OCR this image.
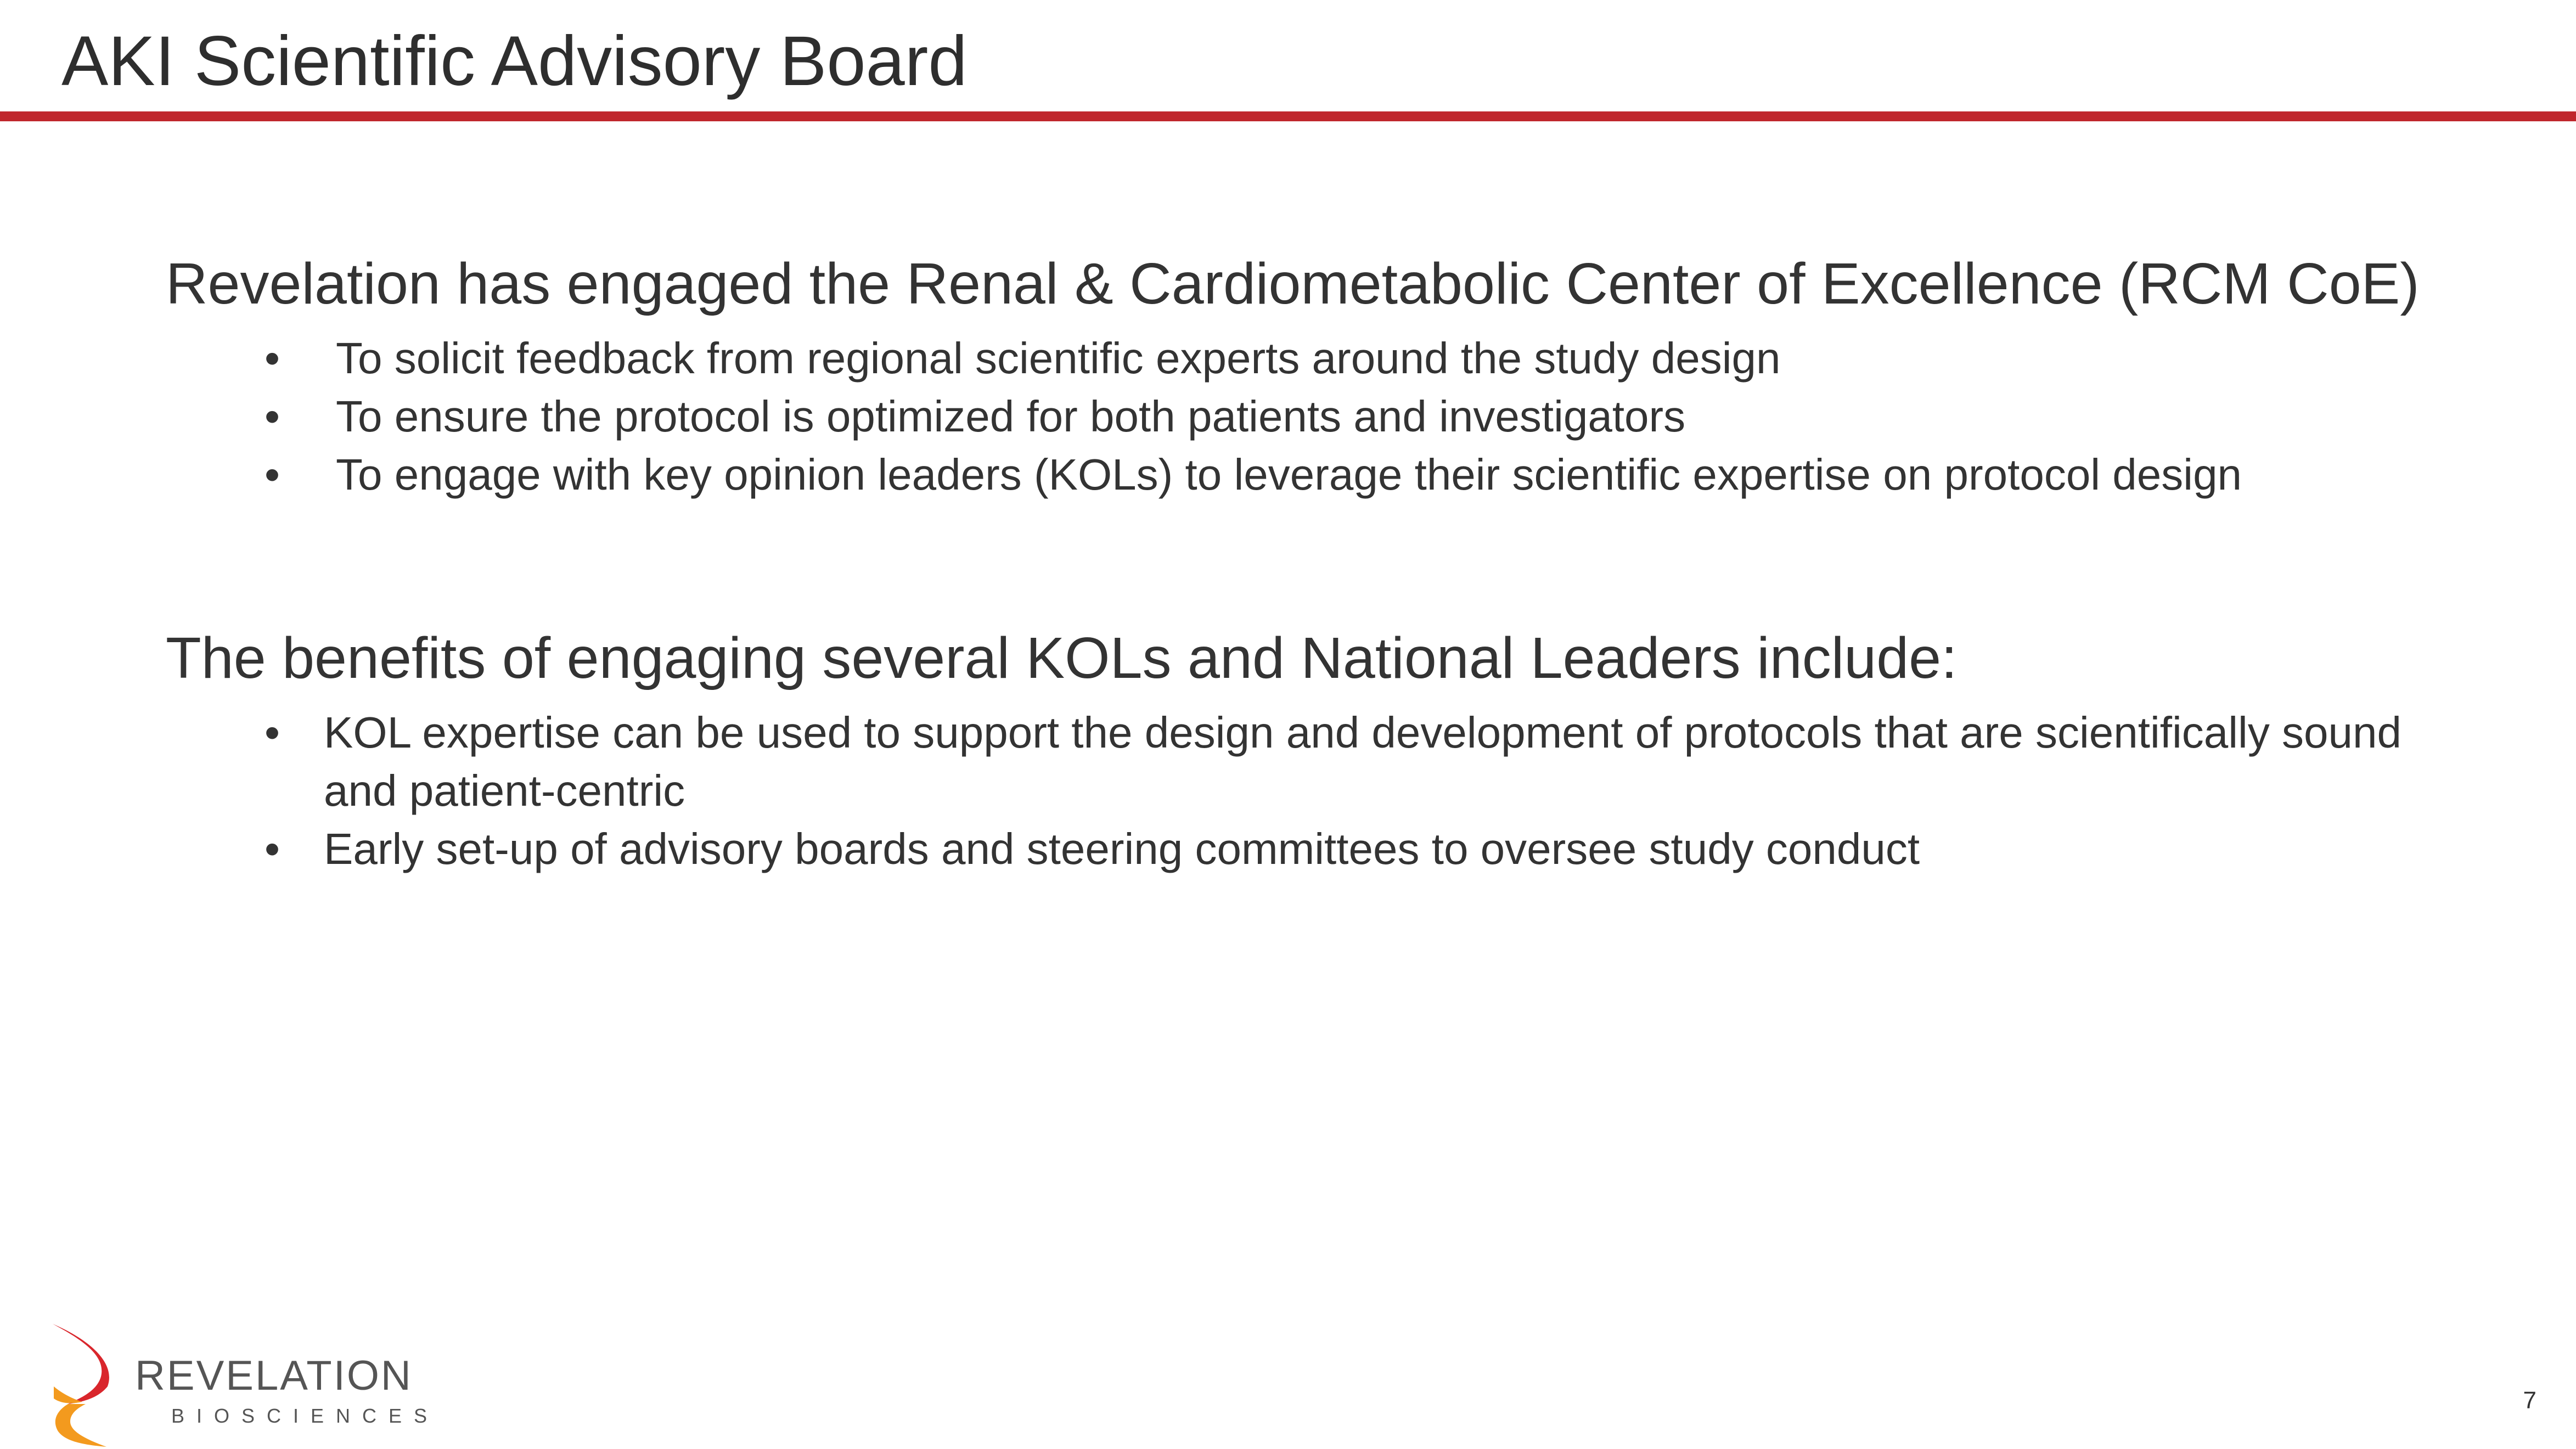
AKI Scientific Advisory Board
Revelation has engaged the Renal & Cardiometabolic Center of Excellence (RCM CoE)
• To solicit feedback from regional scientific experts around the study design
• To ensure the protocol is optimized for both patients and investigators
• To engage with key opinion leaders (KOLs) to leverage their scientific expertise on protocol design
The benefits of engaging several KOLs and National Leaders include:
• KOL expertise can be used to support the design and development of protocols that are scientifically sound and patient-centric
• Early set-up of advisory boards and steering committees to oversee study conduct
REVELATION
BIOSCIENCES
7
